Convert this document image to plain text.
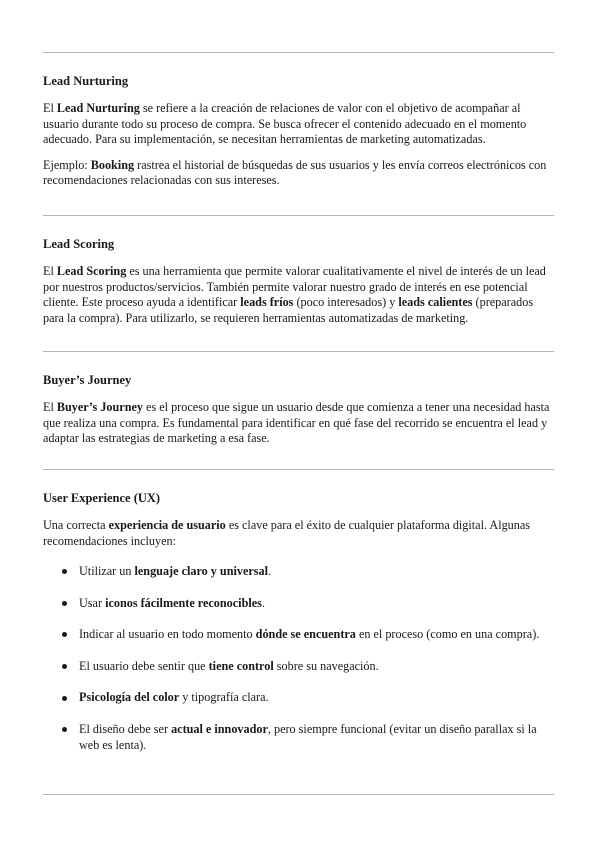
Lead Nurturing

El Lead Nurturing se refiere a la creación de relaciones de valor con el objetivo de acompañar al usuario durante todo su proceso de compra. Se busca ofrecer el contenido adecuado en el momento adecuado. Para su implementación, se necesitan herramientas de marketing automatizadas.

Ejemplo: Booking rastrea el historial de búsquedas de sus usuarios y les envía correos electrónicos con recomendaciones relacionadas con sus intereses.

Lead Scoring

El Lead Scoring es una herramienta que permite valorar cualitativamente el nivel de interés de un lead por nuestros productos/servicios. También permite valorar nuestro grado de interés en ese potencial cliente. Este proceso ayuda a identificar leads fríos (poco interesados) y leads calientes (preparados para la compra). Para utilizarlo, se requieren herramientas automatizadas de marketing.

Buyer’s Journey

El Buyer’s Journey es el proceso que sigue un usuario desde que comienza a tener una necesidad hasta que realiza una compra. Es fundamental para identificar en qué fase del recorrido se encuentra el lead y adaptar las estrategias de marketing a esa fase.

User Experience (UX)

Una correcta experiencia de usuario es clave para el éxito de cualquier plataforma digital. Algunas recomendaciones incluyen:

Utilizar un lenguaje claro y universal.
Usar iconos fácilmente reconocibles.
Indicar al usuario en todo momento dónde se encuentra en el proceso (como en una compra).
El usuario debe sentir que tiene control sobre su navegación.
Psicología del color y tipografía clara.
El diseño debe ser actual e innovador, pero siempre funcional (evitar un diseño parallax si la web es lenta).
